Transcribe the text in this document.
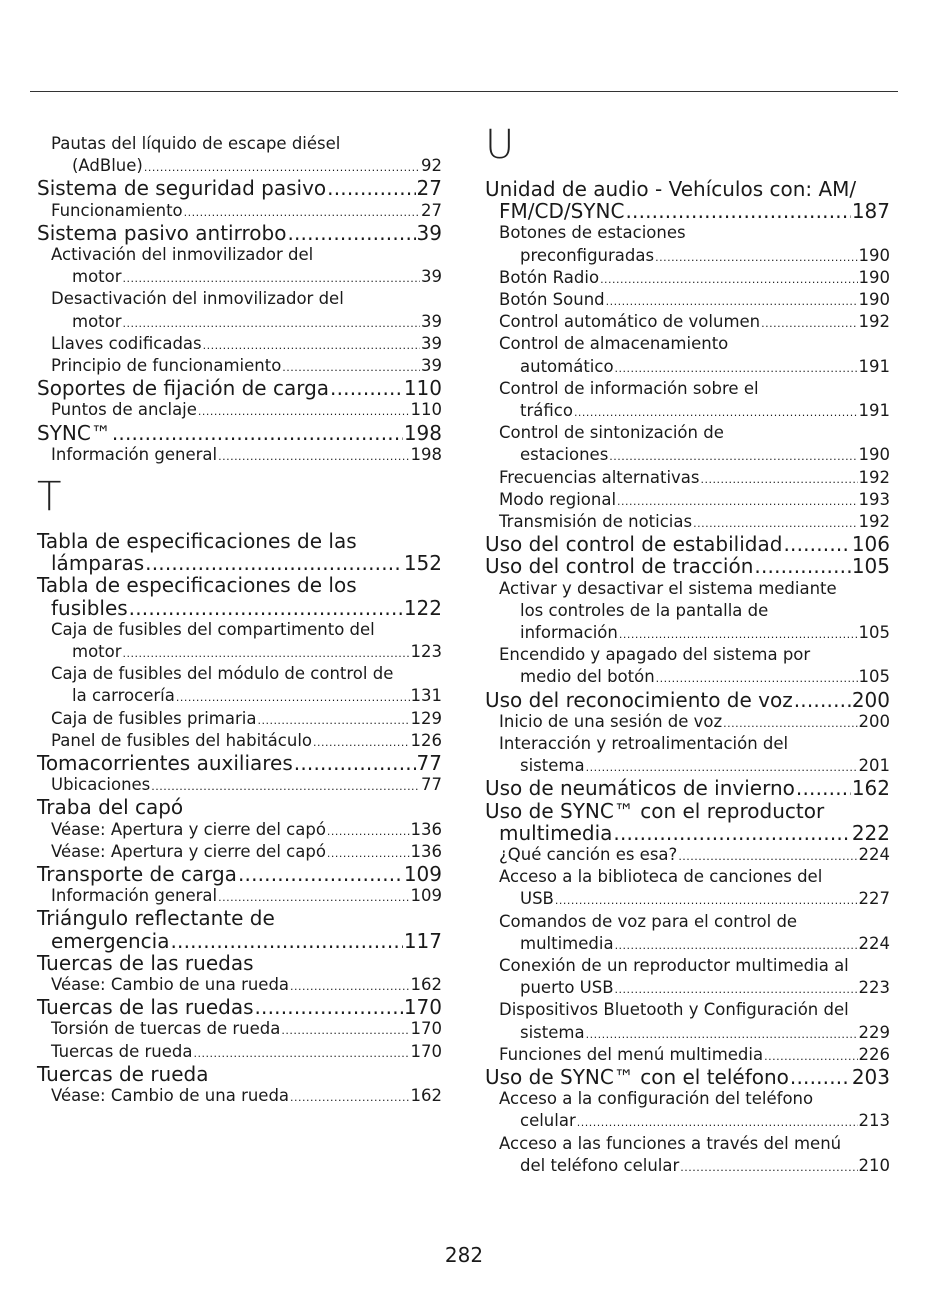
Pautas del líquido de escape diésel
(AdBlue) .....	92
Sistema de seguridad pasivo .....	27
Funcionamiento .....	27
Sistema pasivo antirrobo .....	39
Activación del inmovilizador del
motor .....	39
Desactivación del inmovilizador del
motor .....	39
Llaves codificadas .....	39
Principio de funcionamiento .....	39
Soportes de fijación de carga .....	110
Puntos de anclaje .....	110
SYNC™ .....	198
Información general .....	198
T
Tabla de especificaciones de las
lámparas .....	152
Tabla de especificaciones de los
fusibles .....	122
Caja de fusibles del compartimento del
motor .....	123
Caja de fusibles del módulo de control de
la carrocería .....	131
Caja de fusibles primaria .....	129
Panel de fusibles del habitáculo .....	126
Tomacorrientes auxiliares .....	77
Ubicaciones .....	77
Traba del capó
Véase: Apertura y cierre del capó .....	136
Véase: Apertura y cierre del capó .....	136
Transporte de carga .....	109
Información general .....	109
Triángulo reflectante de
emergencia .....	117
Tuercas de las ruedas
Véase: Cambio de una rueda .....	162
Tuercas de las ruedas .....	170
Torsión de tuercas de rueda .....	170
Tuercas de rueda .....	170
Tuercas de rueda
Véase: Cambio de una rueda .....	162
U
Unidad de audio - Vehículos con: AM/
FM/CD/SYNC .....	187
Botones de estaciones
preconfiguradas .....	190
Botón Radio .....	190
Botón Sound .....	190
Control automático de volumen .....	192
Control de almacenamiento
automático .....	191
Control de información sobre el
tráfico .....	191
Control de sintonización de
estaciones .....	190
Frecuencias alternativas .....	192
Modo regional .....	193
Transmisión de noticias .....	192
Uso del control de estabilidad .....	106
Uso del control de tracción .....	105
Activar y desactivar el sistema mediante
los controles de la pantalla de
información .....	105
Encendido y apagado del sistema por
medio del botón .....	105
Uso del reconocimiento de voz .....	200
Inicio de una sesión de voz .....	200
Interacción y retroalimentación del
sistema .....	201
Uso de neumáticos de invierno .....	162
Uso de SYNC™ con el reproductor
multimedia .....	222
¿Qué canción es esa? .....	224
Acceso a la biblioteca de canciones del
USB .....	227
Comandos de voz para el control de
multimedia .....	224
Conexión de un reproductor multimedia al
puerto USB .....	223
Dispositivos Bluetooth y Configuración del
sistema .....	229
Funciones del menú multimedia .....	226
Uso de SYNC™ con el teléfono .....	203
Acceso a la configuración del teléfono
celular .....	213
Acceso a las funciones a través del menú
del teléfono celular .....	210
282
